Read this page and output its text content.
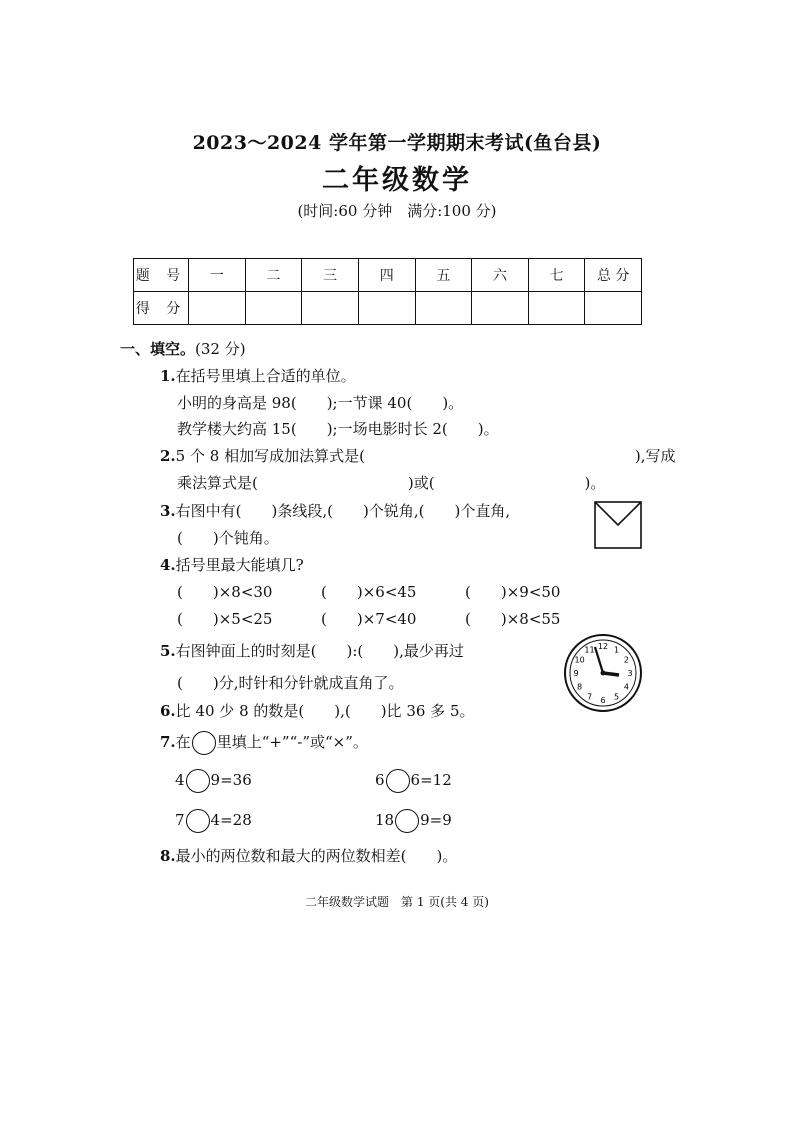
2023～2024 学年第一学期期末考试(鱼台县)
二年级数学
(时间:60 分钟　满分:100 分)
题 号	一	二	三	四	五	六	七	总 分
得 分								
一、填空。(32 分)
1.在括号里填上合适的单位。
小明的身高是 98(　　);一节课 40(　　)。
教学楼大约高 15(　　);一场电影时长 2(　　)。
2.5 个 8 相加写成加法算式是(　　　　　　　　　　　　　　　　　　),写成
乘法算式是(　　　　　　　　　　)或(　　　　　　　　　　)。
3.右图中有(　　)条线段,(　　)个锐角,(　　)个直角,
(　　)个钝角。
4.括号里最大能填几?
(　　)×8<30	(　　)×6<45	(　　)×9<50
(　　)×5<25	(　　)×7<40	(　　)×8<55
5.右图钟面上的时刻是(　　):(　　),最少再过
(　　)分,时针和分针就成直角了。
12 1
2
3
4
5
6
7
8
9
10
11
6.比 40 少 8 的数是(　　),(　　)比 36 多 5。
7.在 里填上“+”“-”或“×”。
4 9=36	6 6=12
7 4=28	18 9=9
8.最小的两位数和最大的两位数相差(　　)。
二年级数学试题　第 1 页(共 4 页)
